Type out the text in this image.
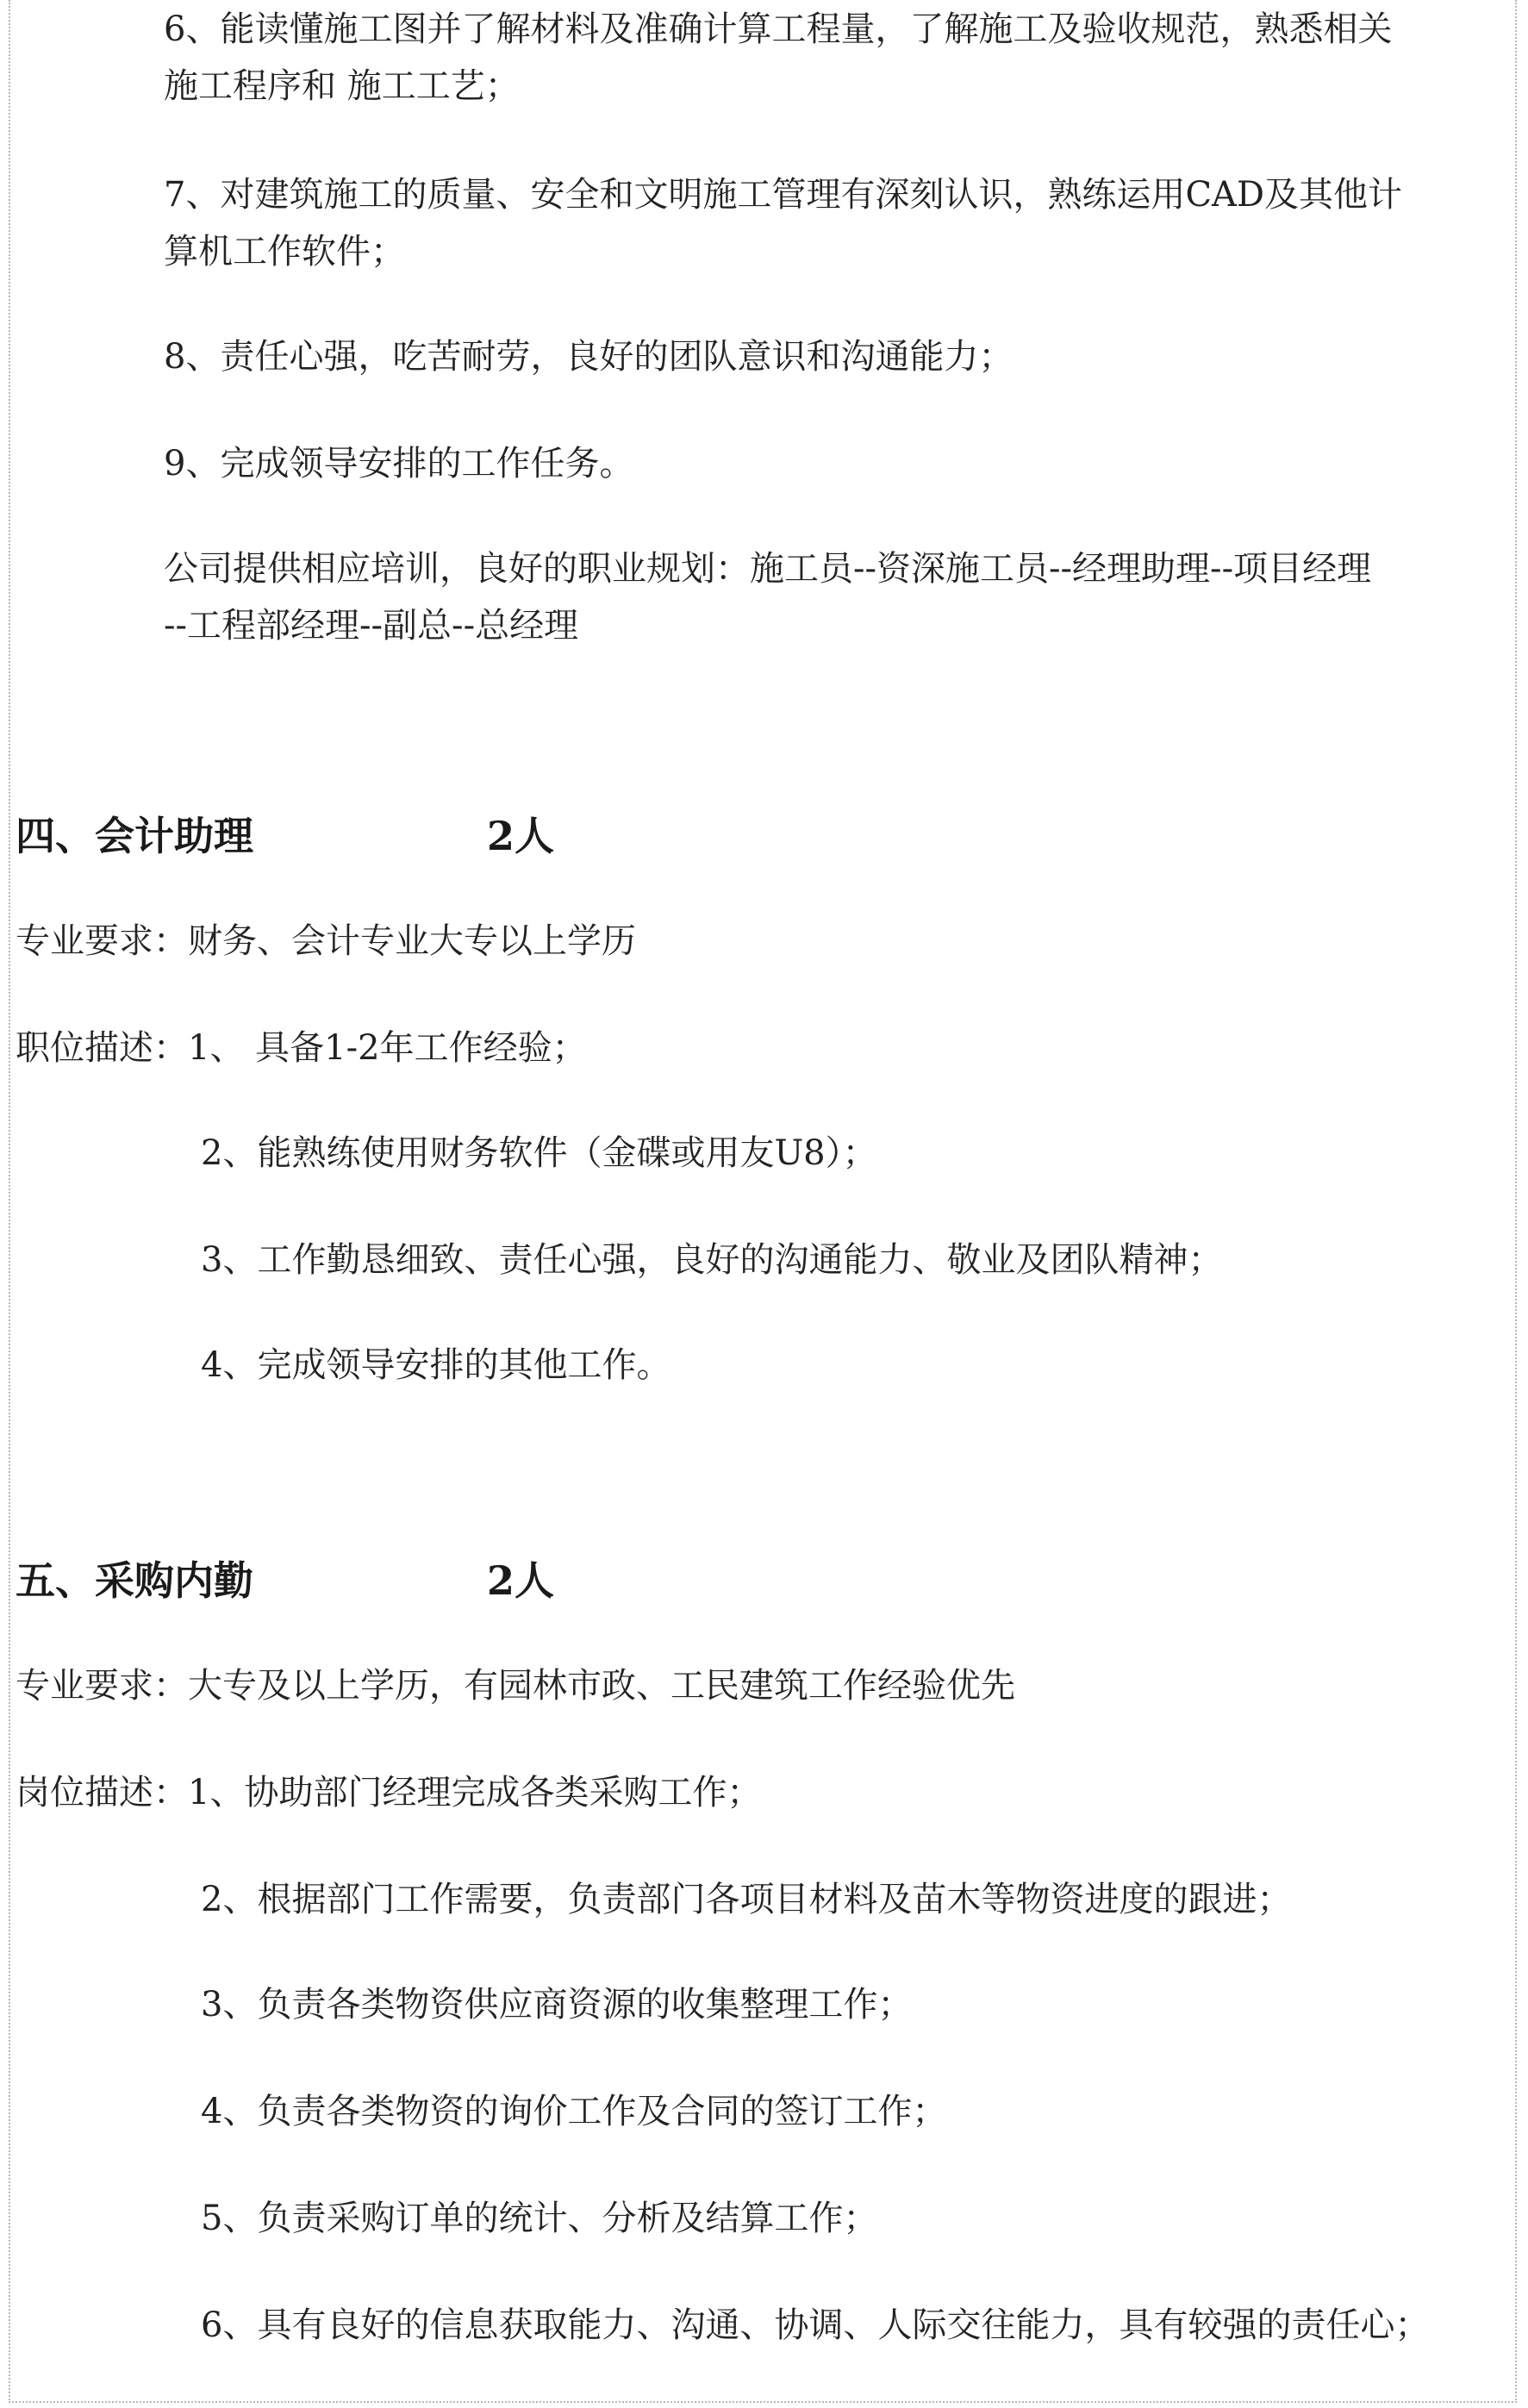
6、能读懂施工图并了解材料及准确计算工程量，了解施工及验收规范，熟悉相关

施工程序和 施工工艺；

7、对建筑施工的质量、安全和文明施工管理有深刻认识，熟练运用CAD及其他计

算机工作软件；

8、责任心强，吃苦耐劳，良好的团队意识和沟通能力；

9、完成领导安排的工作任务。

公司提供相应培训，良好的职业规划：施工员--资深施工员--经理助理--项目经理

--工程部经理--副总--总经理

四、会计助理	2人

专业要求：财务、会计专业大专以上学历

职位描述：1、 具备1-2年工作经验；

2、能熟练使用财务软件（金碟或用友U8）；

3、工作勤恳细致、责任心强，良好的沟通能力、敬业及团队精神；

4、完成领导安排的其他工作。

五、采购内勤	2人

专业要求：大专及以上学历，有园林市政、工民建筑工作经验优先

岗位描述：1、协助部门经理完成各类采购工作；

2、根据部门工作需要，负责部门各项目材料及苗木等物资进度的跟进；

3、负责各类物资供应商资源的收集整理工作；

4、负责各类物资的询价工作及合同的签订工作；

5、负责采购订单的统计、分析及结算工作；

6、具有良好的信息获取能力、沟通、协调、人际交往能力，具有较强的责任心；
